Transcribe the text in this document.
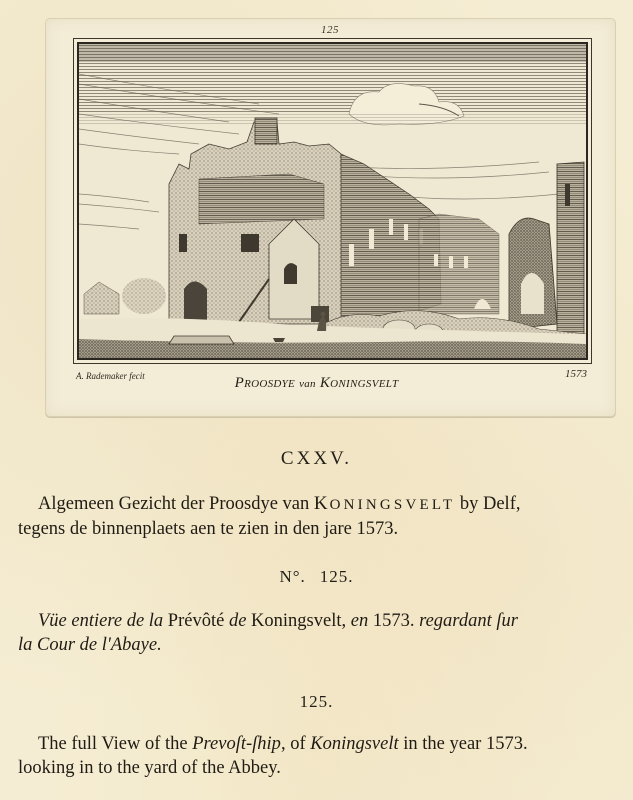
125
A. Rademaker fecit	Proosdye van Koningsvelt
1573
CXXV.
Algemeen Gezicht der Proosdye van KONINGSVELT by Delf,
tegens de binnenplaets aen te zien in den jare 1573.
N°. 125.
Vüe entiere de la Prévôté de Koningsvelt, en 1573. regardant ſur
la Cour de l'Abaye.
125.
The full View of the Prevoſt-ſhip, of Koningsvelt in the year 1573.
looking in to the yard of the Abbey.
